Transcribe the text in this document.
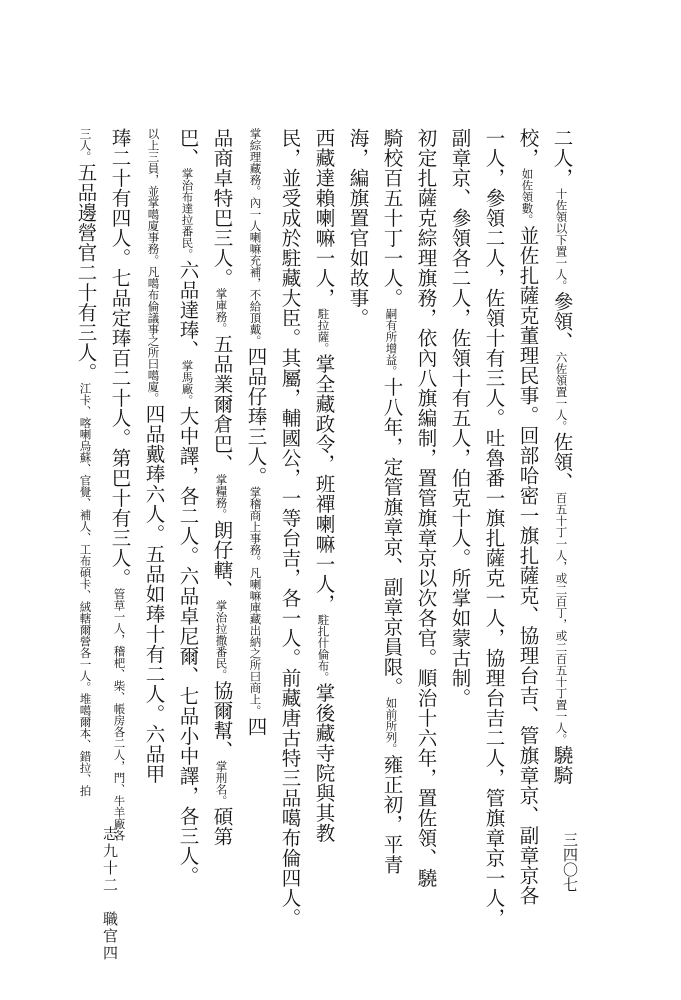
二人，十佐領以下置一人。參領、六佐領置一人。佐領、百五十丁一人，或二百丁，或二百五十丁置一人。驍騎
校，如佐領數。並佐扎薩克董理民事。回部哈密一旗扎薩克、協理台吉、管旗章京、副章京各
一人，參領二人，佐領十有三人。吐魯番一旗扎薩克一人，協理台吉二人，管旗章京一人，
副章京、參領各二人，佐領十有五人，伯克十人。所掌如蒙古制。
初定扎薩克綜理旗務，依內八旗編制，置管旗章京以次各官。順治十六年，置佐領、驍
騎校百五十丁一人。嗣有所增益。十八年，定管旗章京、副章京員限。如前所列。雍正初，平青
海，編旗置官如故事。
西藏達賴喇嘛一人，駐拉薩。掌全藏政令，班禪喇嘛一人，駐扎什倫布。掌後藏寺院與其教
民，並受成於駐藏大臣。其屬，輔國公，一等台吉，各一人。前藏唐古特三品噶布倫四人。
掌綜理藏務。內一人喇嘛充補，不給頂戴。四品仔琫三人。掌稽商上事務。凡喇嘛庫藏出納之所曰商上。四
品商卓特巴三人。掌庫務。五品業爾倉巴、掌糧務。朗仔轄、掌治拉撒番民。協爾幫、掌刑名。碩第
巴、掌治布達拉番民。六品達琫、掌馬廠。大中譯，各二人。六品卓尼爾、七品小中譯，各三人。
以上三員，並掌噶廈事務。凡噶布倫議事之所曰噶廈。四品戴琫六人。五品如琫十有二人。六品甲
琫二十有四人。七品定琫百二十人。第巴十有三人。管草一人，稽杷、柴、帳房各二人，門、牛羊廠各
三人。五品邊營官二十有三人。江卡、喀喇烏蘇、官覺、補人、工布碩卡、絨轄爾營各一人。堆噶爾本、錯拉、拍
三四〇七
志九十二　職官四
